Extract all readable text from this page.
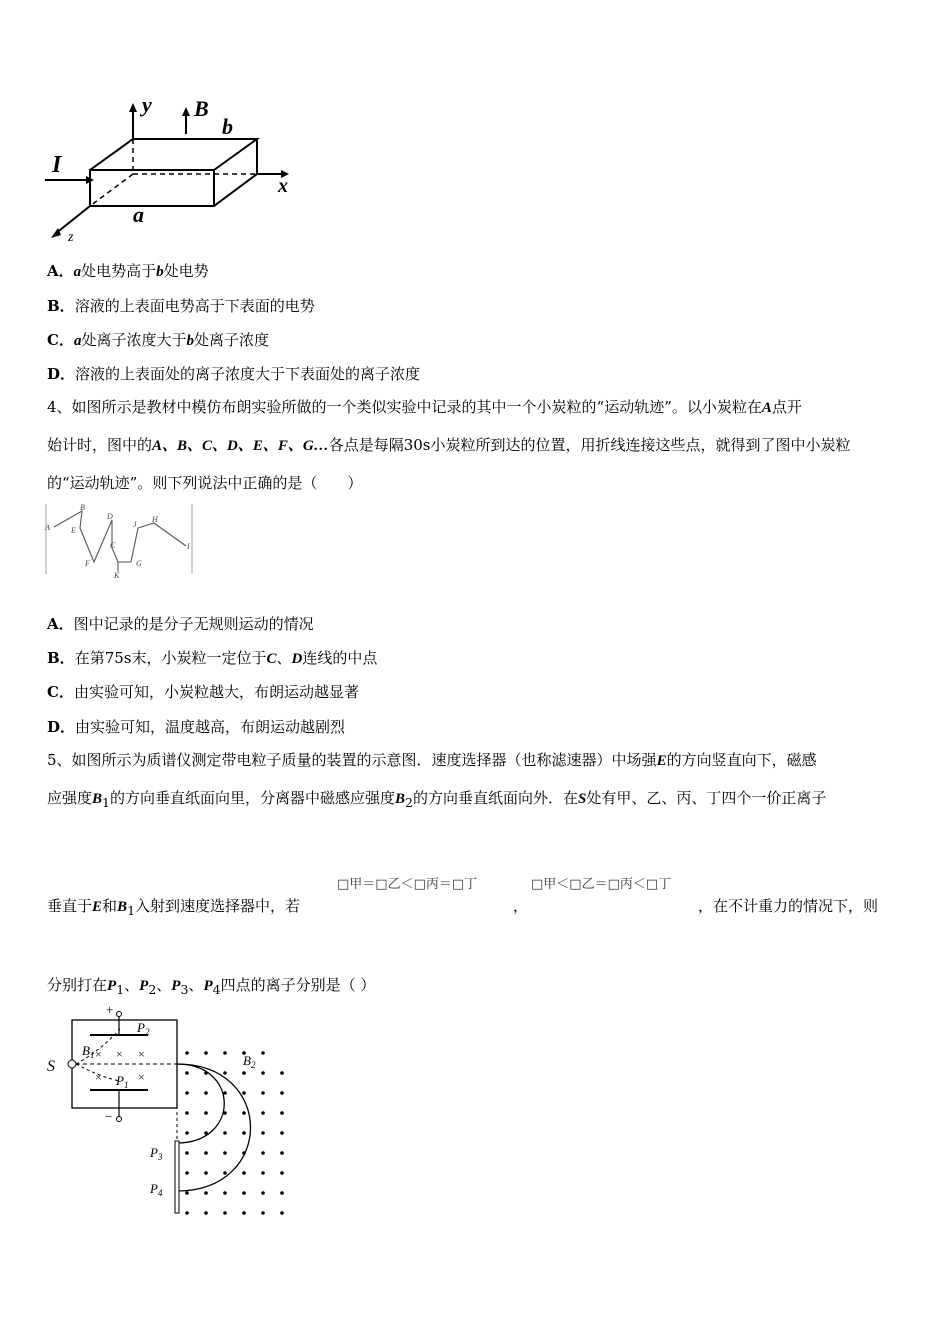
y B
b
I
x
a
z
A．a处电势高于b处电势
B．溶液的上表面电势高于下表面的电势
C．a处离子浓度大于b处离子浓度
D．溶液的上表面处的离子浓度大于下表面处的离子浓度
4、如图所示是教材中模仿布朗实验所做的一个类似实验中记录的其中一个小炭粒的“运动轨迹”。以小炭粒在A点开
始计时，图中的A、B、C、D、E、F、G…各点是每隔30s小炭粒所到达的位置，用折线连接这些点，就得到了图中小炭粒
的“运动轨迹”。则下列说法中正确的是（　　）
A
B
C
D
E
F	G
H
I
J
K
A．图中记录的是分子无规则运动的情况
B．在第75s末，小炭粒一定位于C、D连线的中点
C．由实验可知，小炭粒越大，布朗运动越显著
D．由实验可知，温度越高，布朗运动越剧烈
5、如图所示为质谱仪测定带电粒子质量的装置的示意图．速度选择器（也称滤速器）中场强E的方向竖直向下，磁感
应强度$B_1$的方向垂直纸面向里，分离器中磁感应强度$B_2$的方向垂直纸面向外．在S处有甲、乙、丙、丁四个一价正离子
垂直于E和$B_1$入射到速度选择器中，若
□甲＝□乙＜□丙＝□丁
，
□甲＜□乙＝□丙＜□丁
，在不计重力的情况下，则
分别打在$P_1$、$P_2$、$P_3$、$P_4$四点的离子分别是（ ）
+
−
S
$P_2$
$B_1$
$P_1$
× × ×
×	×
$B_2$
$P_3$
$P_4$
